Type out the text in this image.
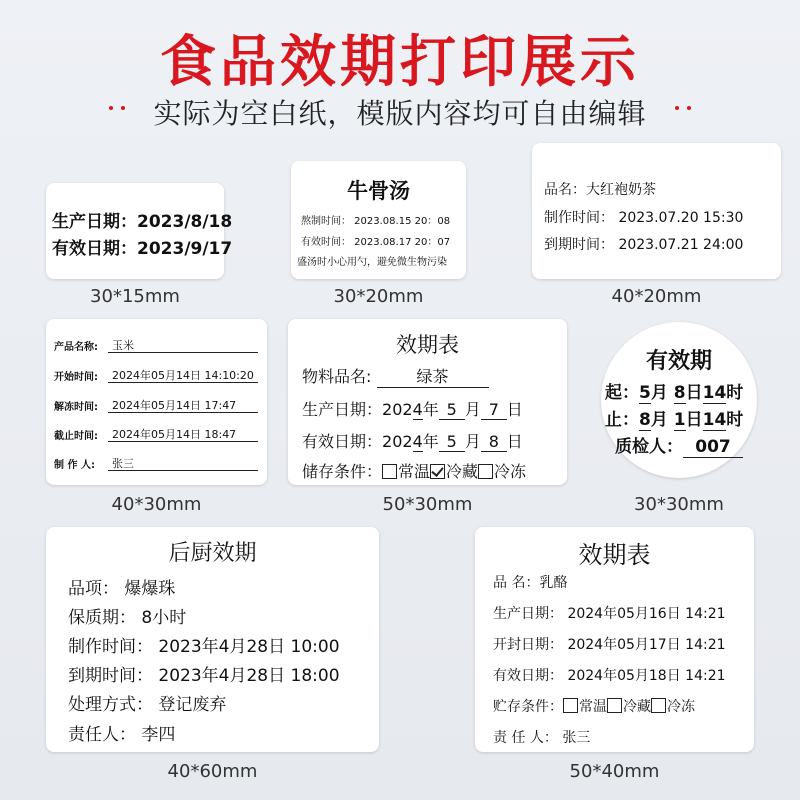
食品效期打印展示
实际为空白纸，模版内容均可自由编辑
生产日期：2023/8/18
有效日期：2023/9/17
30*15mm
牛骨汤
熬制时间： 2023.08.15 20：08
有效时间： 2023.08.17 20：07
盛汤时小心用勺，避免微生物污染
30*20mm
品名：大红袍奶茶
制作时间： 2023.07.20 15:30
到期时间： 2023.07.21 24:00
40*20mm
产品名称: 玉米
开始时间: 2024年05月14日 14:10:20
解冻时间: 2024年05月14日 17:47
截止时间: 2024年05月14日 18:47
制 作 人: 张三
40*30mm
效期表
物料品名:	绿茶
生产日期：2024年 5 月 7 日
有效日期：2024年 5 月 8 日
储存条件： 常温 冷藏 冷冻
50*30mm
有效期
起：5月 8日14时
止：8月 1日14时
质检人： 007
30*30mm
后厨效期
品项： 爆爆珠
保质期： 8小时
制作时间： 2023年4月28日 10:00
到期时间： 2023年4月28日 18:00
处理方式： 登记废弃
责任人： 李四
40*60mm
效期表
品 名：乳酪
生产日期： 2024年05月16日 14:21
开封日期： 2024年05月17日 14:21
有效日期： 2024年05月18日 14:21
贮存条件： 常温 冷藏 冷冻
责 任 人： 张三
50*40mm
